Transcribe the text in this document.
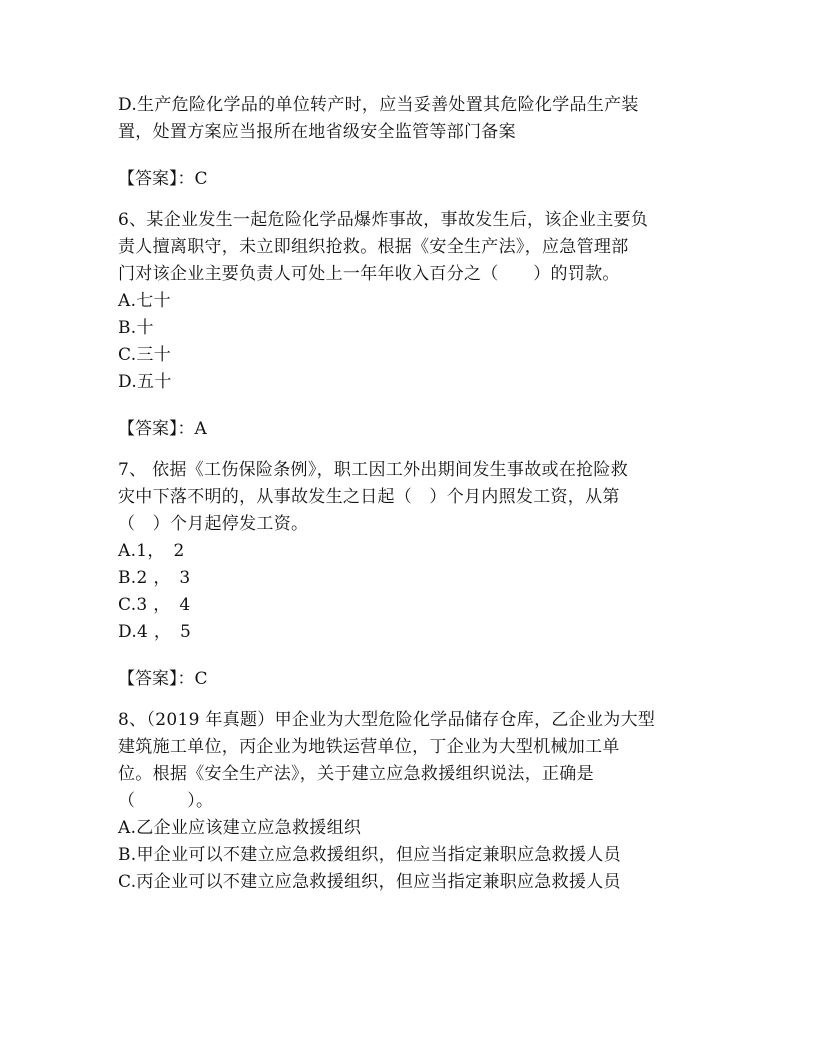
D.生产危险化学品的单位转产时，应当妥善处置其危险化学品生产装

置，处置方案应当报所在地省级安全监管等部门备案

【答案】：C

6、某企业发生一起危险化学品爆炸事故，事故发生后，该企业主要负

责人擅离职守，未立即组织抢救。根据《安全生产法》，应急管理部

门对该企业主要负责人可处上一年年收入百分之（　　）的罚款。

A.七十

B.十

C.三十

D.五十

【答案】：A

7、 依据《工伤保险条例》，职工因工外出期间发生事故或在抢险救

灾中下落不明的，从事故发生之日起（　）个月内照发工资，从第

（　）个月起停发工资。

A.1，　2

B.2 ，　3

C.3 ，　4

D.4 ，　5

【答案】：C

8、（2019 年真题）甲企业为大型危险化学品储存仓库，乙企业为大型

建筑施工单位，丙企业为地铁运营单位，丁企业为大型机械加工单

位。根据《安全生产法》，关于建立应急救援组织说法，正确是

（　　　）。

A.乙企业应该建立应急救援组织

B.甲企业可以不建立应急救援组织，但应当指定兼职应急救援人员

C.丙企业可以不建立应急救援组织，但应当指定兼职应急救援人员
